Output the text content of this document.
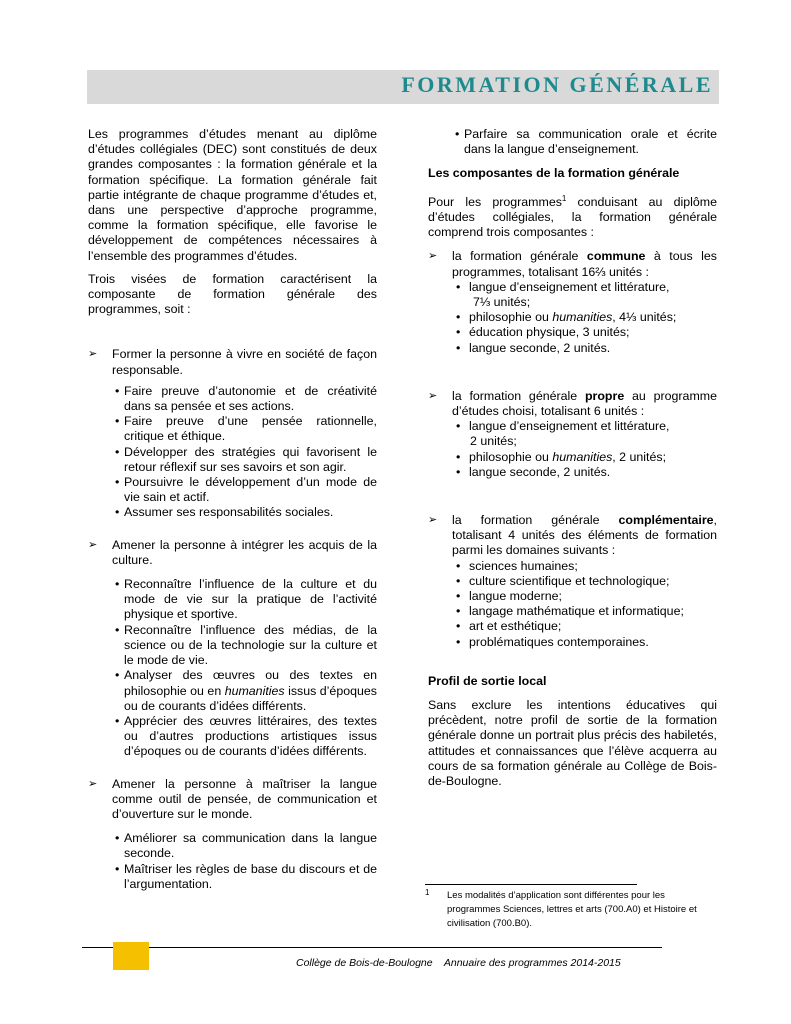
FORMATION GÉNÉRALE

Les programmes d’études menant au diplôme d’études collégiales (DEC) sont constitués de deux grandes composantes : la formation générale et la formation spécifique. La formation générale fait partie intégrante de chaque programme d’études et, dans une perspective d’approche programme, comme la formation spécifique, elle favorise le développement de compétences nécessaires à l’ensemble des programmes d’études.

Trois visées de formation caractérisent la composante de formation générale des programmes, soit :

➢ Former la personne à vivre en société de façon responsable.
• Faire preuve d’autonomie et de créativité dans sa pensée et ses actions.
• Faire preuve d’une pensée rationnelle, critique et éthique.
• Développer des stratégies qui favorisent le retour réflexif sur ses savoirs et son agir.
• Poursuivre le développement d’un mode de vie sain et actif.
• Assumer ses responsabilités sociales.
➢ Amener la personne à intégrer les acquis de la culture.
• Reconnaître l’influence de la culture et du mode de vie sur la pratique de l’activité physique et sportive.
• Reconnaître l’influence des médias, de la science ou de la technologie sur la culture et le mode de vie.
• Analyser des œuvres ou des textes en philosophie ou en humanities issus d’époques ou de courants d’idées différents.
• Apprécier des œuvres littéraires, des textes ou d’autres productions artistiques issus d’époques ou de courants d’idées différents.
➢ Amener la personne à maîtriser la langue comme outil de pensée, de communication et d’ouverture sur le monde.
• Améliorer sa communication dans la langue seconde.
• Maîtriser les règles de base du discours et de l’argumentation.
• Parfaire sa communication orale et écrite dans la langue d’enseignement.

Les composantes de la formation générale

Pour les programmes$^1$ conduisant au diplôme d’études collégiales, la formation générale comprend trois composantes :

➢ la formation générale commune à tous les programmes, totalisant 16⅔ unités :
• langue d’enseignement et littérature,
7⅓ unités;
• philosophie ou humanities, 4⅓ unités;
• éducation physique, 3 unités;
• langue seconde, 2 unités.
➢ la formation générale propre au programme d’études choisi, totalisant 6 unités :
• langue d’enseignement et littérature,
2 unités;
• philosophie ou humanities, 2 unités;
• langue seconde, 2 unités.
➢ la formation générale complémentaire, totalisant 4 unités des éléments de formation parmi les domaines suivants :
• sciences humaines;
• culture scientifique et technologique;
• langue moderne;
• langage mathématique et informatique;
• art et esthétique;
• problématiques contemporaines.

Profil de sortie local

Sans exclure les intentions éducatives qui précèdent, notre profil de sortie de la formation générale donne un portrait plus précis des habiletés, attitudes et connaissances que l’élève acquerra au cours de sa formation générale au Collège de Bois-de-Boulogne.

1 Les modalités d’application sont différentes pour les programmes Sciences, lettres et arts (700.A0) et Histoire et civilisation (700.B0).
Collège de Bois-de-Boulogne    Annuaire des programmes 2014-2015
